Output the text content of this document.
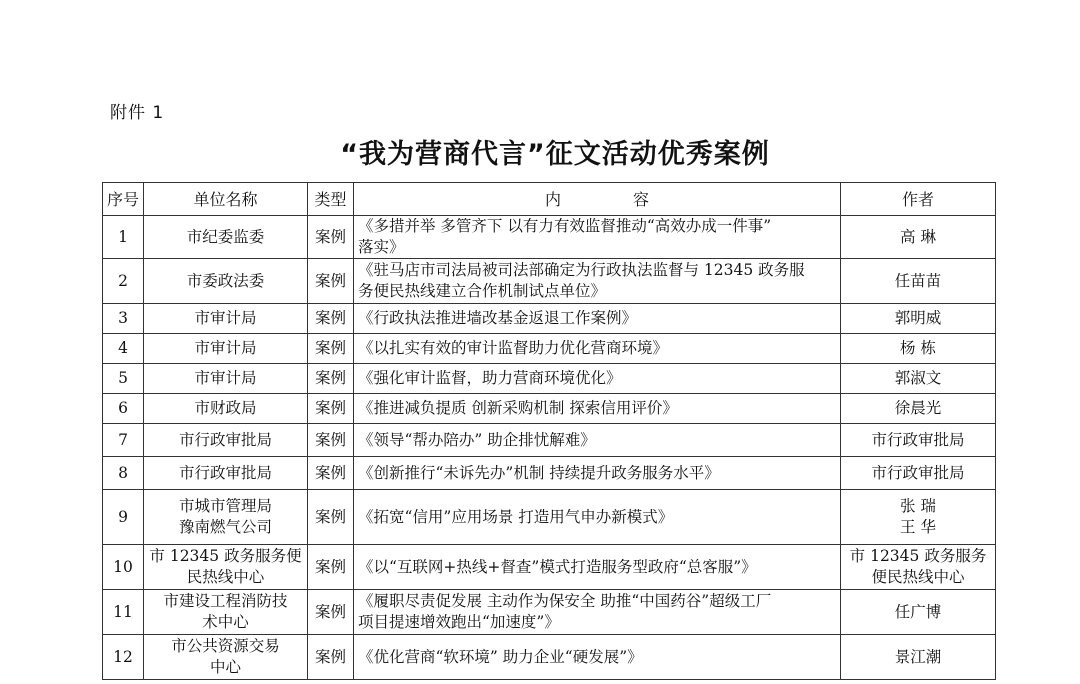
附件 1
“我为营商代言”征文活动优秀案例
序号	单位名称	类型	内容	作者
1	市纪委监委	案例	《多措并举 多管齐下 以有力有效监督推动“高效办成一件事”
落实》	高 琳

2	市委政法委	案例	《驻马店市司法局被司法部确定为行政执法监督与 12345 政务服
务便民热线建立合作机制试点单位》	任苗苗

3	市审计局	案例	《行政执法推进墙改基金返退工作案例》	郭明威

4	市审计局	案例	《以扎实有效的审计监督助力优化营商环境》	杨 栋

5	市审计局	案例	《强化审计监督，助力营商环境优化》	郭淑文

6	市财政局	案例	《推进减负提质 创新采购机制 探索信用评价》	徐晨光

7	市行政审批局	案例	《领导“帮办陪办” 助企排忧解难》	市行政审批局

8	市行政审批局	案例	《创新推行“未诉先办”机制 持续提升政务服务水平》	市行政审批局

9	市城市管理局
豫南燃气公司	案例	《拓宽“信用”应用场景 打造用气申办新模式》	张 瑞
王 华

10	市 12345 政务服务便
民热线中心	案例	《以“互联网+热线+督查”模式打造服务型政府“总客服”》	市 12345 政务服务
便民热线中心

11	市建设工程消防技
术中心	案例	《履职尽责促发展 主动作为保安全 助推“中国药谷”超级工厂
项目提速增效跑出“加速度”》	任广博

12	市公共资源交易
中心	案例	《优化营商“软环境” 助力企业“硬发展”》	景江潮
